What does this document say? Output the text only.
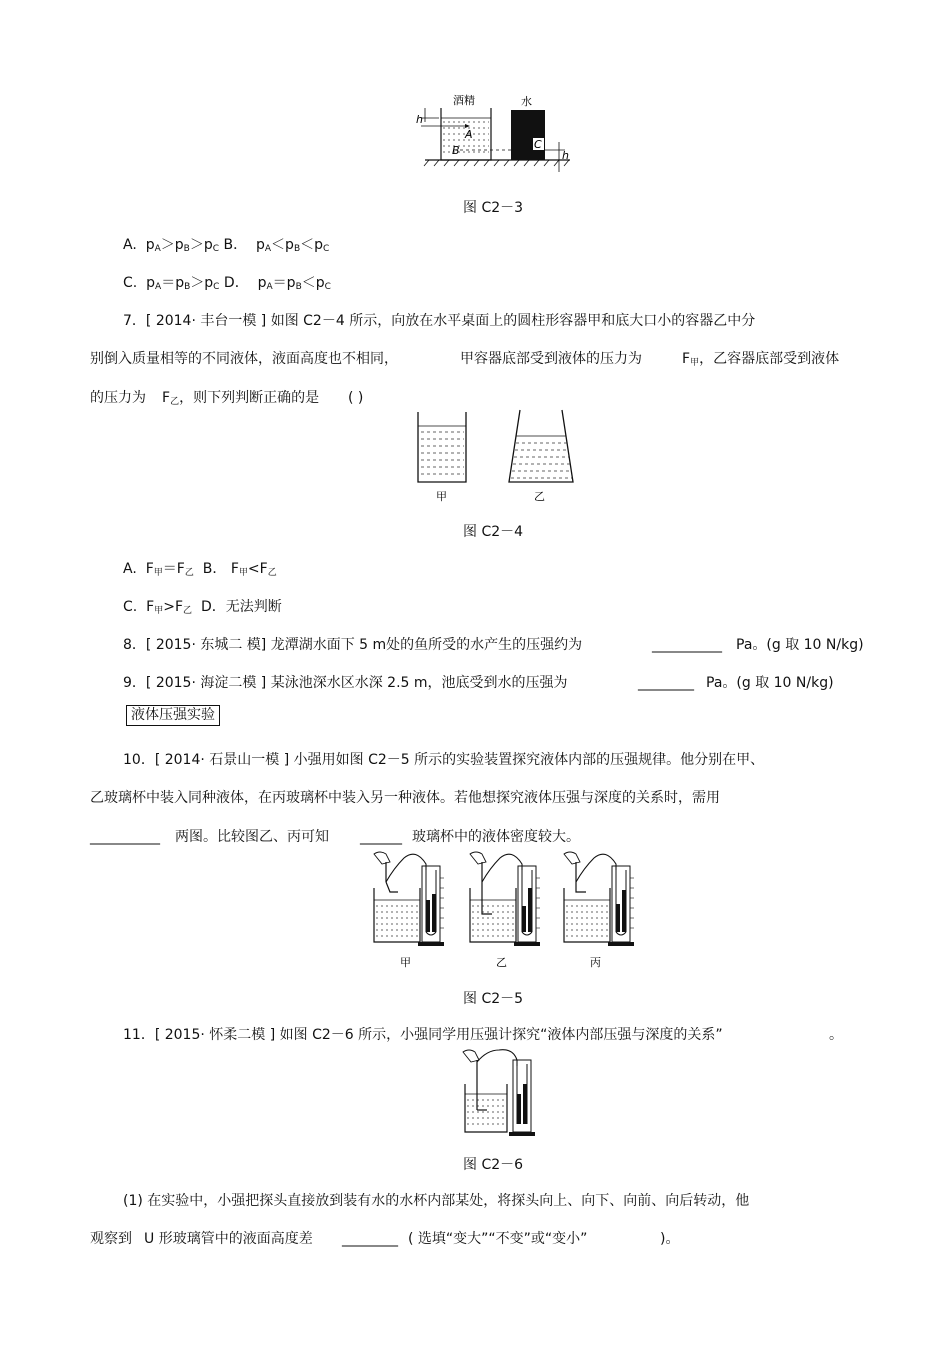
酒精	水
A
B	C
h
h
图 C2－3
A. $p_A>p_B>p_C$ B． $p_A<p_B<p_C$
C. $p_A=p_B>p_C$ D． $p_A=p_B<p_C$
7．[ 2014· 丰台一模 ] 如图 C2－4 所示，向放在水平桌面上的圆柱形容器甲和底大口小的容器乙中分
别倒入质量相等的不同液体，液面高度也不相同，	甲容器底部受到液体的压力为	$F_甲$，乙容器底部受到液体
的压力为 $F_乙$，则下列判断正确的是 ( )
甲	乙
图 C2－4
A. $F_甲=F_乙$ B． $F_甲<F_乙$
C. $F_甲>F_乙$ D．无法判断
8．[ 2015· 东城二 模] 龙潭湖水面下 5 m处的鱼所受的水产生的压强约为	__________ Pa。(g 取 10 N/kg)
9．[ 2015· 海淀二模 ] 某泳池深水区水深 2.5 m，池底受到水的压强为	________ Pa。(g 取 10 N/kg)
液体压强实验
10．[ 2014· 石景山一模 ] 小强用如图 C2－5 所示的实验装置探究液体内部的压强规律。他分别在甲、
乙玻璃杯中装入同种液体，在丙玻璃杯中装入另一种液体。若他想探究液体压强与深度的关系时，需用
__________ 两图。比较图乙、丙可知 ______ 玻璃杯中的液体密度较大。
甲	乙	丙
图 C2－5
11．[ 2015· 怀柔二模 ] 如图 C2－6 所示，小强同学用压强计探究“液体内部压强与深度的关系”	。
图 C2－6
(1) 在实验中，小强把探头直接放到装有水的水杯内部某处，将探头向上、向下、向前、向后转动，他
观察到 U 形玻璃管中的液面高度差 ________ ( 选填“变大”“不变”或“变小”	)。
